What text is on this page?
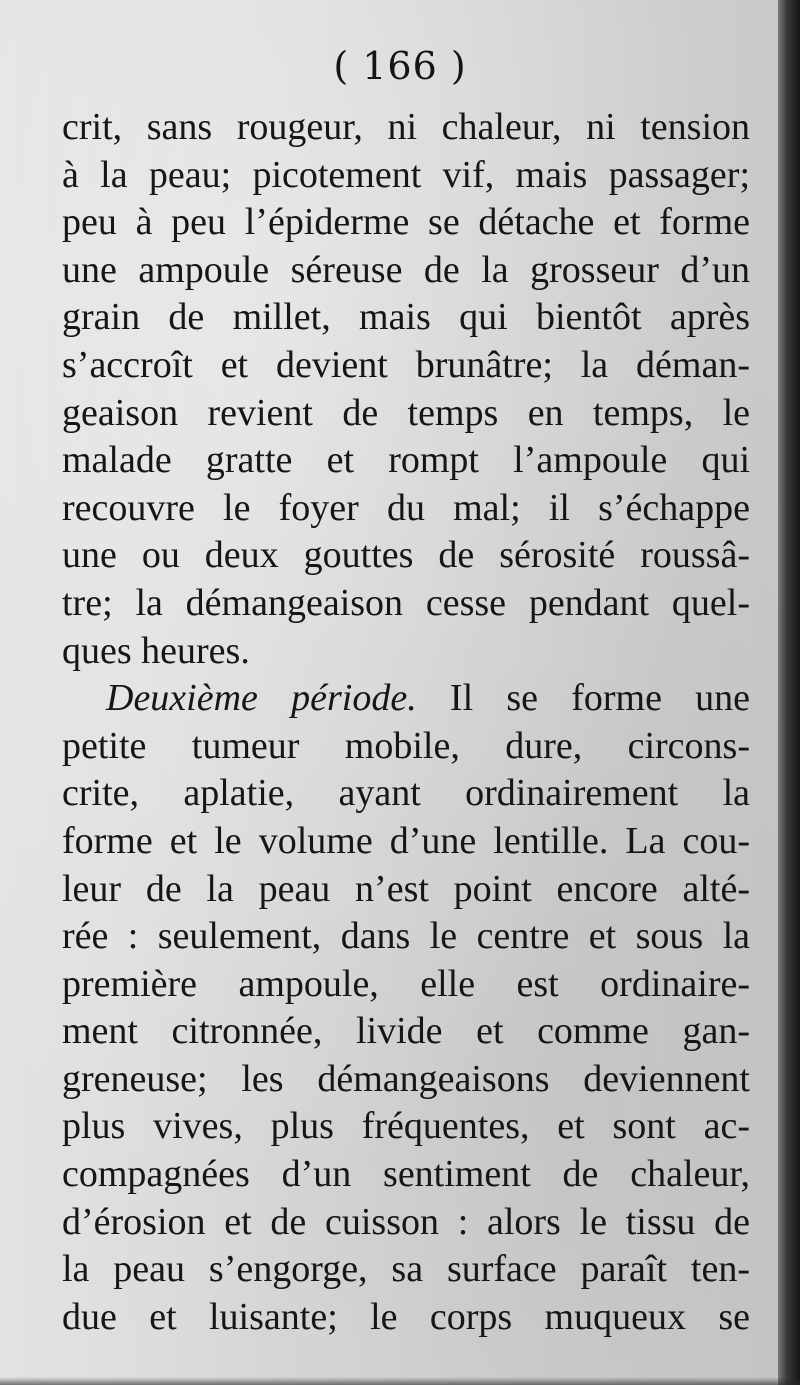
( 166 )
crit, sans rougeur, ni chaleur, ni tension
à la peau; picotement vif, mais passager;
peu à peu l’épiderme se détache et forme
une ampoule séreuse de la grosseur d’un
grain de millet, mais qui bientôt après
s’accroît et devient brunâtre; la déman-
geaison revient de temps en temps, le
malade gratte et rompt l’ampoule qui
recouvre le foyer du mal; il s’échappe
une ou deux gouttes de sérosité roussâ-
tre; la démangeaison cesse pendant quel-
ques heures.
Deuxième période. Il se forme une
petite tumeur mobile, dure, circons-
crite, aplatie, ayant ordinairement la
forme et le volume d’une lentille. La cou-
leur de la peau n’est point encore alté-
rée : seulement, dans le centre et sous la
première ampoule, elle est ordinaire-
ment citronnée, livide et comme gan-
greneuse; les démangeaisons deviennent
plus vives, plus fréquentes, et sont ac-
compagnées d’un sentiment de chaleur,
d’érosion et de cuisson : alors le tissu de
la peau s’engorge, sa surface paraît ten-
due et luisante; le corps muqueux se
